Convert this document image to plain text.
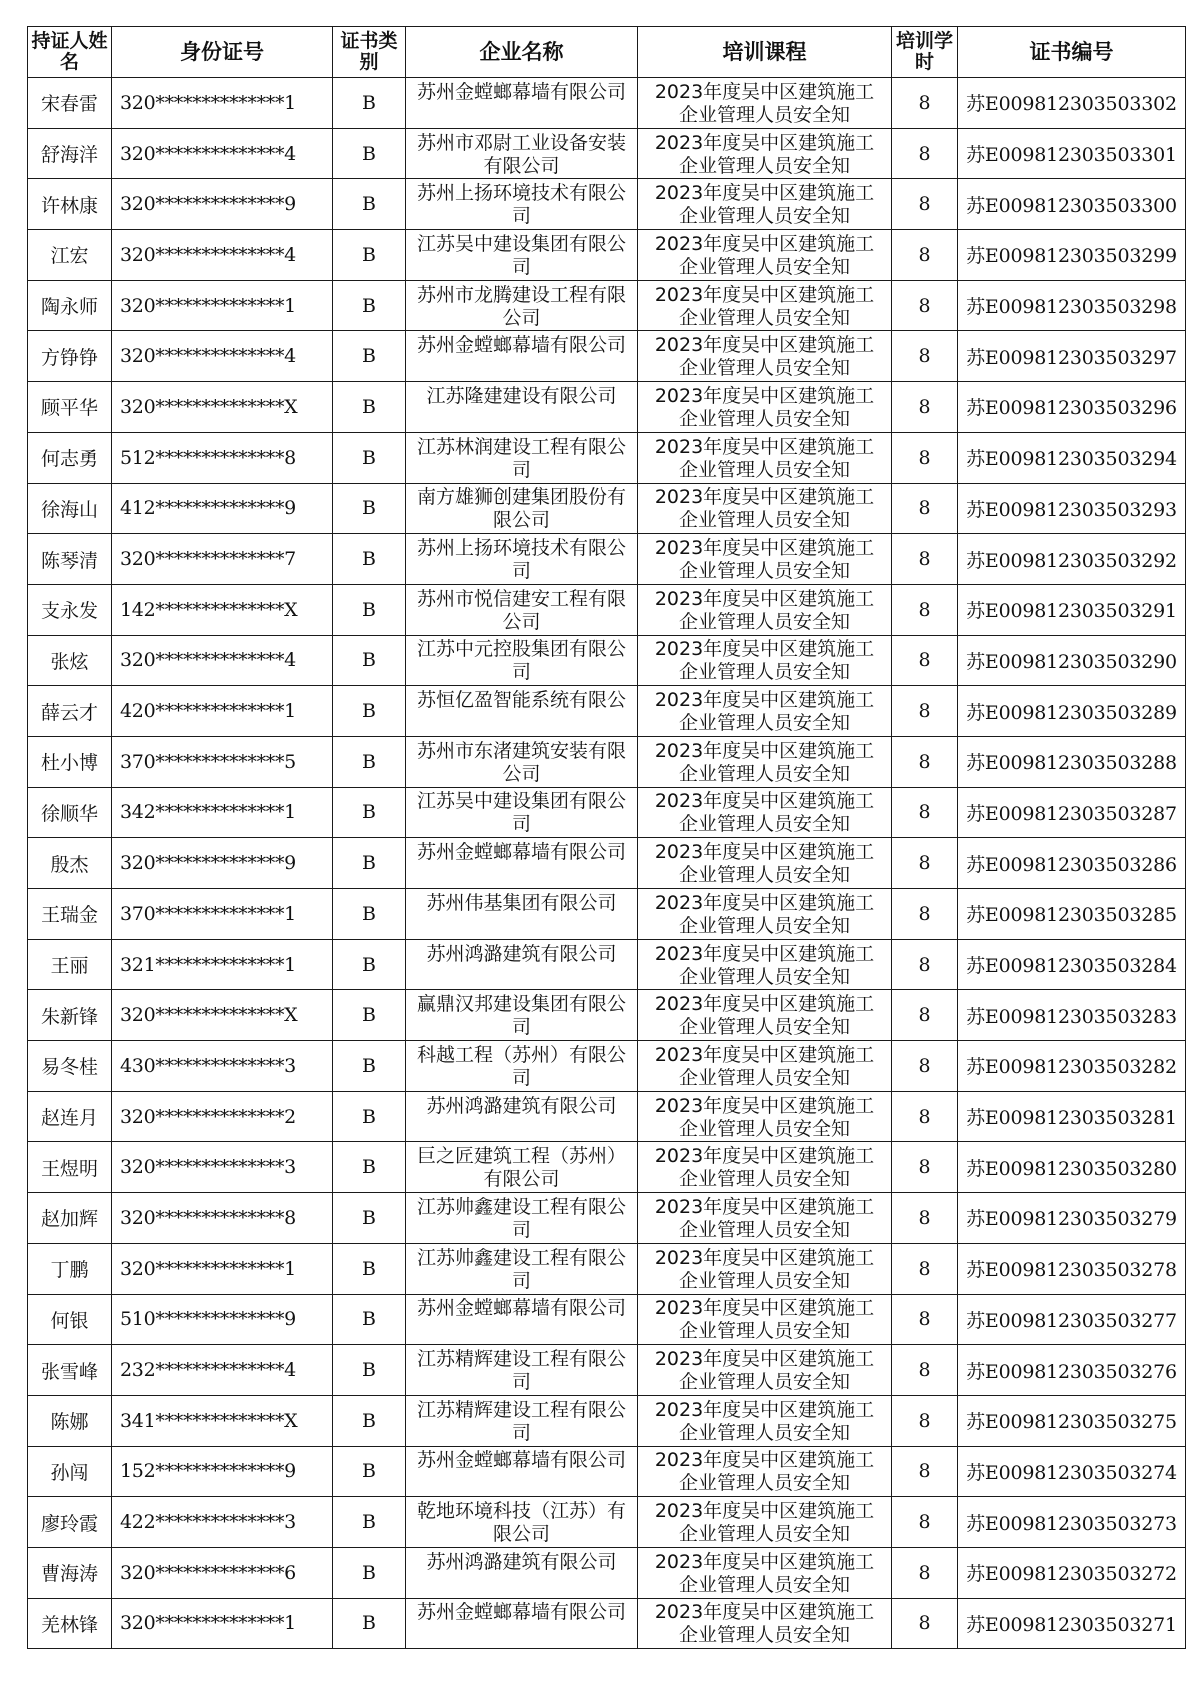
持证人姓名	身份证号	证书类别	企业名称	培训课程	培训学时	证书编号
宋春雷	320**************1	B	苏州金螳螂幕墙有限公司	2023年度吴中区建筑施工企业管理人员安全知	8	苏E009812303503302
舒海洋	320**************4	B	苏州市邓尉工业设备安装有限公司	2023年度吴中区建筑施工企业管理人员安全知	8	苏E009812303503301
许林康	320**************9	B	苏州上扬环境技术有限公司	2023年度吴中区建筑施工企业管理人员安全知	8	苏E009812303503300
江宏	320**************4	B	江苏吴中建设集团有限公司	2023年度吴中区建筑施工企业管理人员安全知	8	苏E009812303503299
陶永师	320**************1	B	苏州市龙腾建设工程有限公司	2023年度吴中区建筑施工企业管理人员安全知	8	苏E009812303503298
方铮铮	320**************4	B	苏州金螳螂幕墙有限公司	2023年度吴中区建筑施工企业管理人员安全知	8	苏E009812303503297
顾平华	320**************X	B	江苏隆建建设有限公司	2023年度吴中区建筑施工企业管理人员安全知	8	苏E009812303503296
何志勇	512**************8	B	江苏林润建设工程有限公司	2023年度吴中区建筑施工企业管理人员安全知	8	苏E009812303503294
徐海山	412**************9	B	南方雄狮创建集团股份有限公司	2023年度吴中区建筑施工企业管理人员安全知	8	苏E009812303503293
陈琴清	320**************7	B	苏州上扬环境技术有限公司	2023年度吴中区建筑施工企业管理人员安全知	8	苏E009812303503292
支永发	142**************X	B	苏州市悦信建安工程有限公司	2023年度吴中区建筑施工企业管理人员安全知	8	苏E009812303503291
张炫	320**************4	B	江苏中元控股集团有限公司	2023年度吴中区建筑施工企业管理人员安全知	8	苏E009812303503290
薛云才	420**************1	B	苏恒亿盈智能系统有限公	2023年度吴中区建筑施工企业管理人员安全知	8	苏E009812303503289
杜小博	370**************5	B	苏州市东渚建筑安装有限公司	2023年度吴中区建筑施工企业管理人员安全知	8	苏E009812303503288
徐顺华	342**************1	B	江苏吴中建设集团有限公司	2023年度吴中区建筑施工企业管理人员安全知	8	苏E009812303503287
殷杰	320**************9	B	苏州金螳螂幕墙有限公司	2023年度吴中区建筑施工企业管理人员安全知	8	苏E009812303503286
王瑞金	370**************1	B	苏州伟基集团有限公司	2023年度吴中区建筑施工企业管理人员安全知	8	苏E009812303503285
王丽	321**************1	B	苏州鸿潞建筑有限公司	2023年度吴中区建筑施工企业管理人员安全知	8	苏E009812303503284
朱新锋	320**************X	B	赢鼎汉邦建设集团有限公司	2023年度吴中区建筑施工企业管理人员安全知	8	苏E009812303503283
易冬桂	430**************3	B	科越工程（苏州）有限公司	2023年度吴中区建筑施工企业管理人员安全知	8	苏E009812303503282
赵连月	320**************2	B	苏州鸿潞建筑有限公司	2023年度吴中区建筑施工企业管理人员安全知	8	苏E009812303503281
王煜明	320**************3	B	巨之匠建筑工程（苏州）有限公司	2023年度吴中区建筑施工企业管理人员安全知	8	苏E009812303503280
赵加辉	320**************8	B	江苏帅鑫建设工程有限公司	2023年度吴中区建筑施工企业管理人员安全知	8	苏E009812303503279
丁鹏	320**************1	B	江苏帅鑫建设工程有限公司	2023年度吴中区建筑施工企业管理人员安全知	8	苏E009812303503278
何银	510**************9	B	苏州金螳螂幕墙有限公司	2023年度吴中区建筑施工企业管理人员安全知	8	苏E009812303503277
张雪峰	232**************4	B	江苏精辉建设工程有限公司	2023年度吴中区建筑施工企业管理人员安全知	8	苏E009812303503276
陈娜	341**************X	B	江苏精辉建设工程有限公司	2023年度吴中区建筑施工企业管理人员安全知	8	苏E009812303503275
孙闯	152**************9	B	苏州金螳螂幕墙有限公司	2023年度吴中区建筑施工企业管理人员安全知	8	苏E009812303503274
廖玲霞	422**************3	B	乾地环境科技（江苏）有限公司	2023年度吴中区建筑施工企业管理人员安全知	8	苏E009812303503273
曹海涛	320**************6	B	苏州鸿潞建筑有限公司	2023年度吴中区建筑施工企业管理人员安全知	8	苏E009812303503272
羌林锋	320**************1	B	苏州金螳螂幕墙有限公司	2023年度吴中区建筑施工企业管理人员安全知	8	苏E009812303503271
